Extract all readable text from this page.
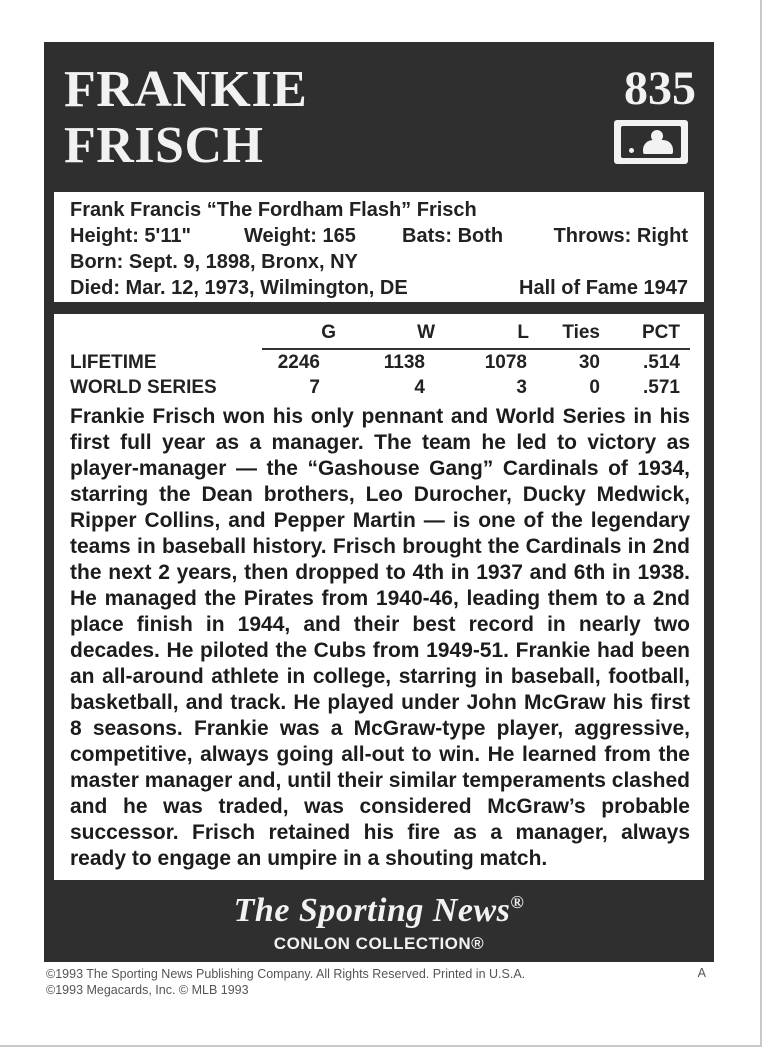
FRANKIE
FRISCH
835
Frank Francis “The Fordham Flash” Frisch
Height: 5'11"	Weight: 165 Bats: Both	Throws: Right
Born: Sept. 9, 1898, Bronx, NY
Died: Mar. 12, 1973, Wilmington, DE	Hall of Fame 1947
G	W	L	Ties	PCT
LIFETIME	2246	1138	1078	30	.514
WORLD SERIES	7	4	3	0	.571
Frankie Frisch won his only pennant and World Series in his first full year as a manager. The team he led to victory as player-manager — the “Gashouse Gang” Cardinals of 1934, starring the Dean brothers, Leo Durocher, Ducky Medwick, Ripper Collins, and Pepper Martin — is one of the legendary teams in baseball history. Frisch brought the Cardinals in 2nd the next 2 years, then dropped to 4th in 1937 and 6th in 1938. He managed the Pirates from 1940-46, leading them to a 2nd place finish in 1944, and their best record in nearly two decades. He piloted the Cubs from 1949-51. Frankie had been an all-around athlete in college, starring in baseball, football, basketball, and track. He played under John McGraw his first 8 seasons. Frankie was a McGraw-type player, aggressive, competitive, always going all-out to win. He learned from the master manager and, until their similar temperaments clashed and he was traded, was considered McGraw’s probable successor. Frisch retained his fire as a manager, always ready to engage an umpire in a shouting match.
The Sporting News®
CONLON COLLECTION®
©1993 The Sporting News Publishing Company. All Rights Reserved. Printed in U.S.A.
©1993 Megacards, Inc. © MLB 1993
A
